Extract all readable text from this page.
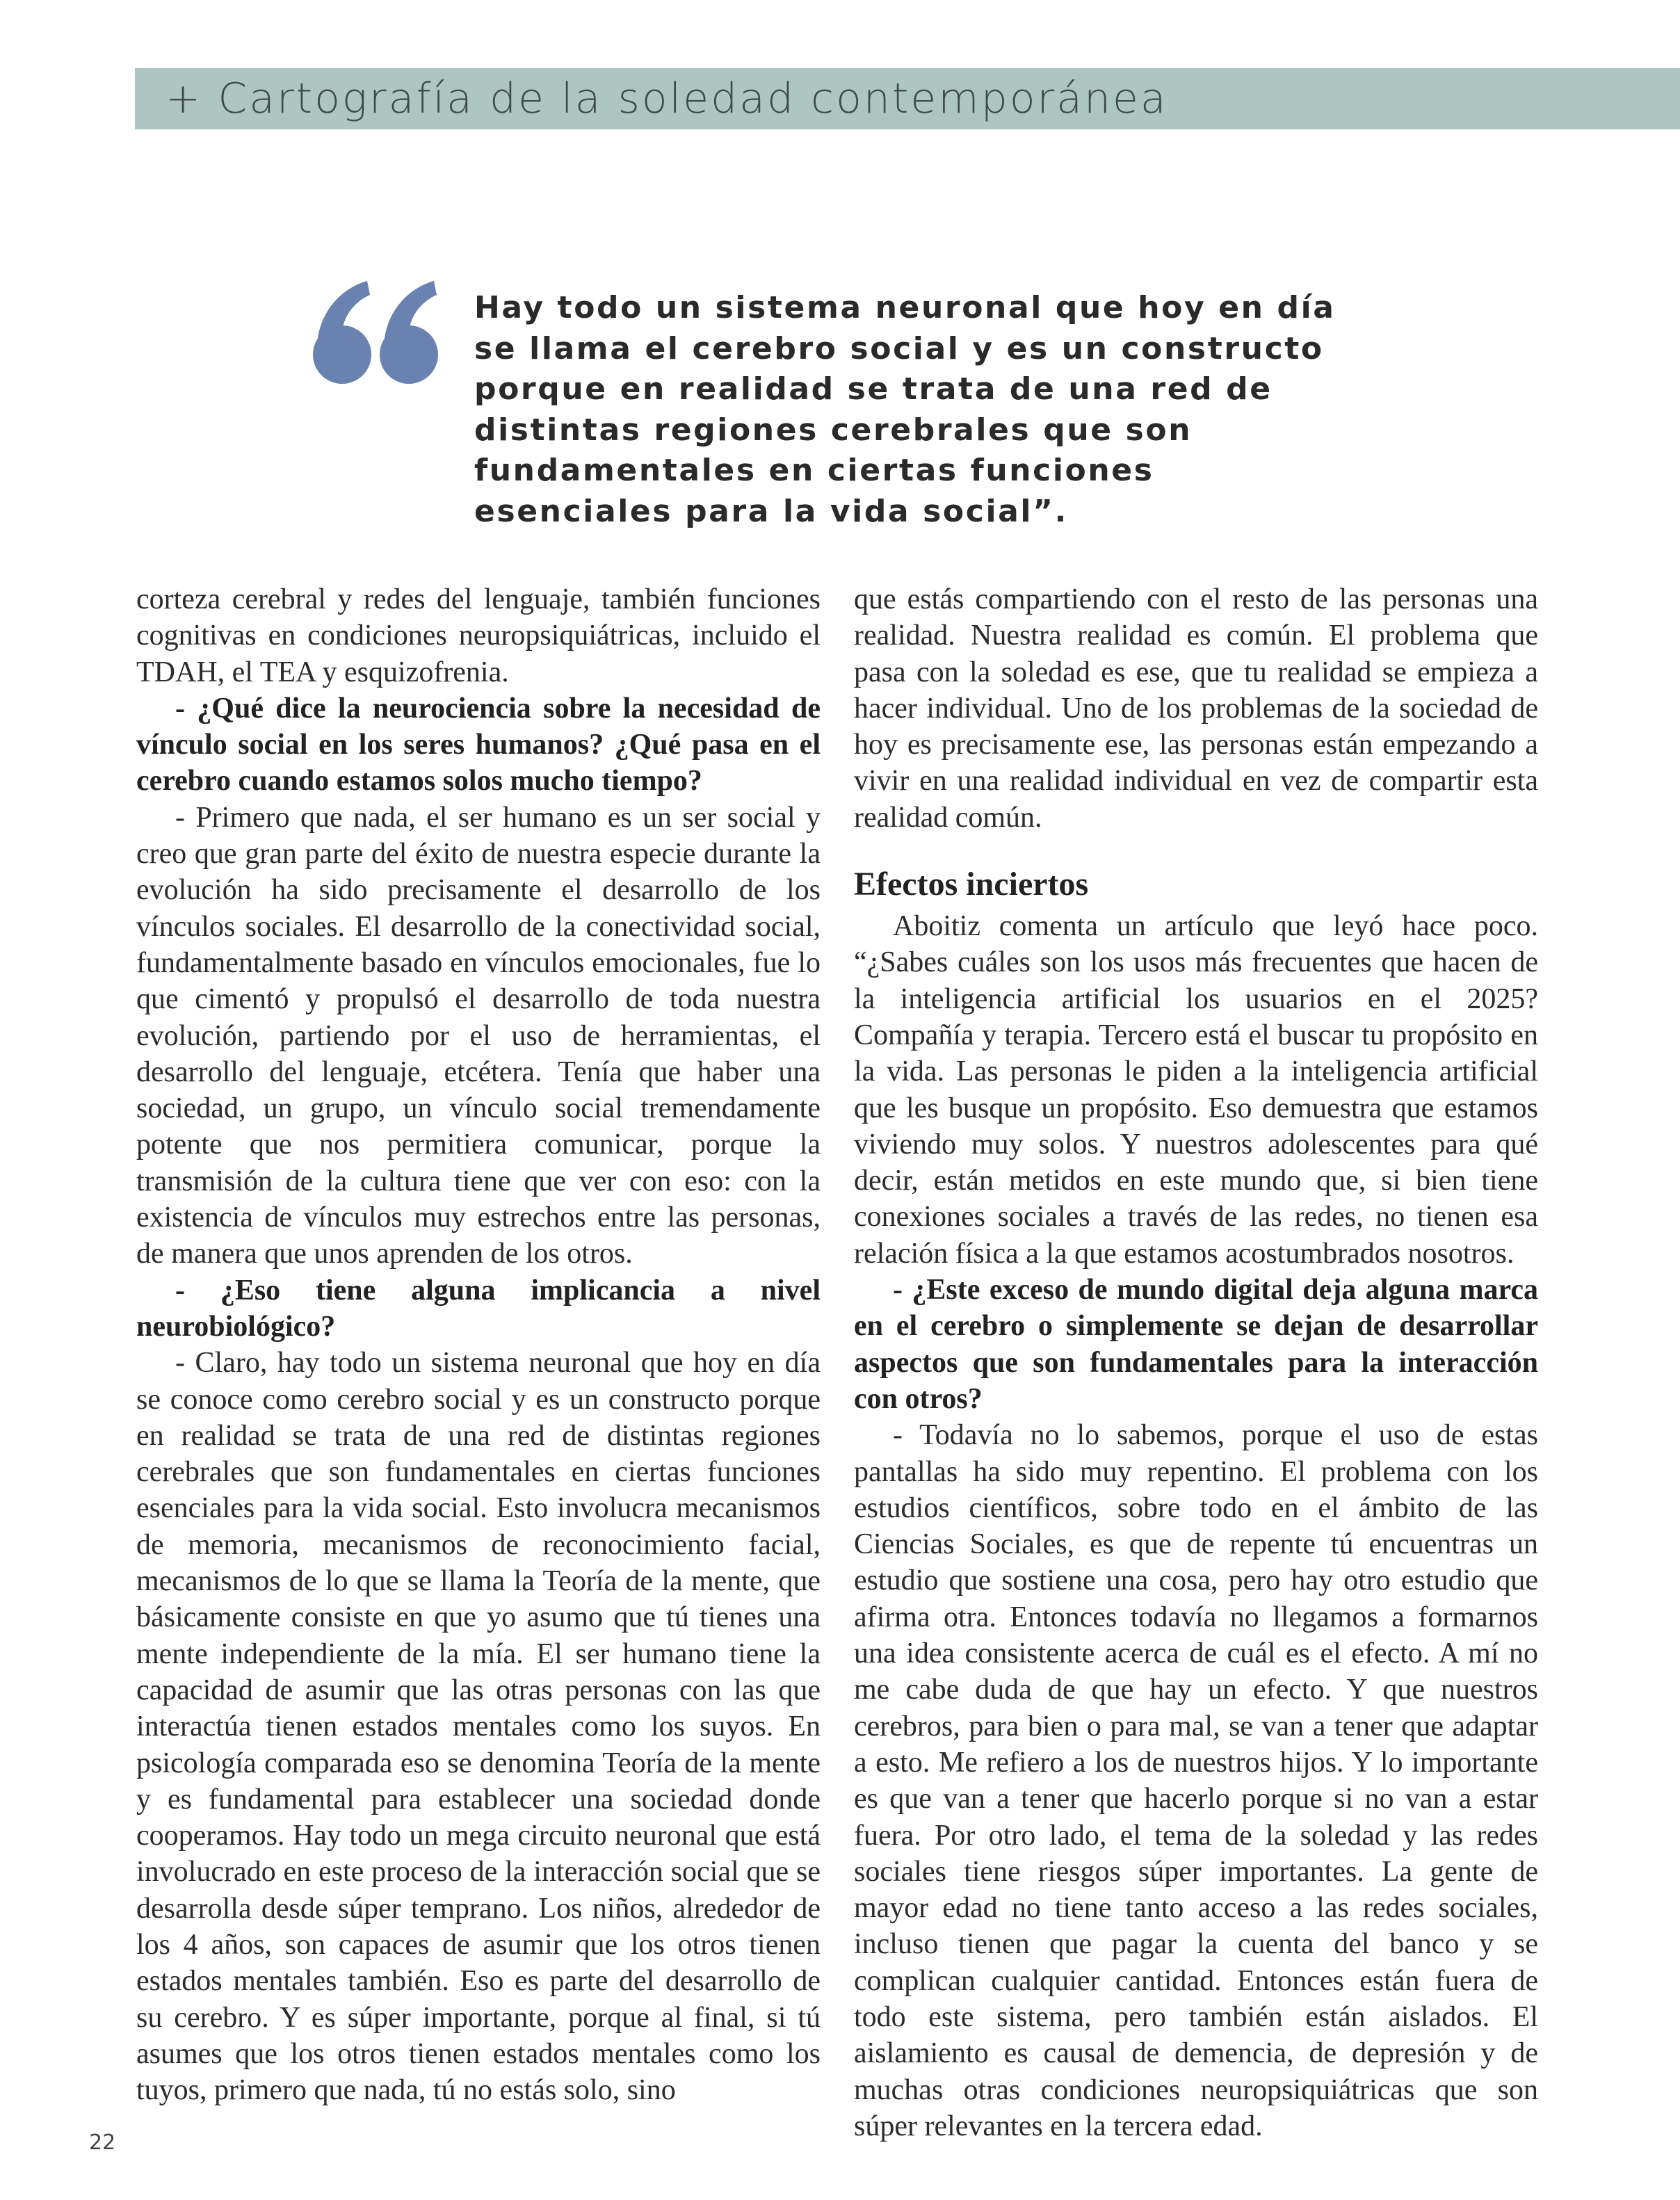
+ Cartografía de la soledad contemporánea
Hay todo un sistema neuronal que hoy en día se llama el cerebro social y es un constructo porque en realidad se trata de una red de distintas regiones cerebrales que son fundamentales en ciertas funciones esenciales para la vida social”.

corteza cerebral y redes del lenguaje, también funciones cognitivas en condiciones neuropsiquiátricas, incluido el TDAH, el TEA y esquizofrenia.

- ¿Qué dice la neurociencia sobre la necesidad de vínculo social en los seres humanos? ¿Qué pasa en el cerebro cuando estamos solos mucho tiempo?

- Primero que nada, el ser humano es un ser social y creo que gran parte del éxito de nuestra especie durante la evolución ha sido precisamente el desarrollo de los vínculos sociales. El desarrollo de la conectividad social, fundamentalmente basado en vínculos emocionales, fue lo que cimentó y propulsó el desarrollo de toda nuestra evolución, partiendo por el uso de herramientas, el desarrollo del lenguaje, etcétera. Tenía que haber una sociedad, un grupo, un vínculo social tremendamente potente que nos permitiera comunicar, porque la transmisión de la cultura tiene que ver con eso: con la existencia de vínculos muy estrechos entre las personas, de manera que unos aprenden de los otros.

- ¿Eso tiene alguna implicancia a nivel neurobiológico?

- Claro, hay todo un sistema neuronal que hoy en día se conoce como cerebro social y es un constructo porque en realidad se trata de una red de distintas regiones cerebrales que son fundamentales en ciertas funciones esenciales para la vida social. Esto involucra mecanismos de memoria, mecanismos de reconocimiento facial, mecanismos de lo que se llama la Teoría de la mente, que básicamente consiste en que yo asumo que tú tienes una mente independiente de la mía. El ser humano tiene la capacidad de asumir que las otras personas con las que interactúa tienen estados mentales como los suyos. En psicología comparada eso se denomina Teoría de la mente y es fundamental para establecer una sociedad donde cooperamos. Hay todo un mega circuito neuronal que está involucrado en este proceso de la interacción social que se desarrolla desde súper temprano. Los niños, alrededor de los 4 años, son capaces de asumir que los otros tienen estados mentales también. Eso es parte del desarrollo de su cerebro. Y es súper importante, porque al final, si tú asumes que los otros tienen estados mentales como los tuyos, primero que nada, tú no estás solo, sino

que estás compartiendo con el resto de las personas una realidad. Nuestra realidad es común. El problema que pasa con la soledad es ese, que tu realidad se empieza a hacer individual. Uno de los problemas de la sociedad de hoy es precisamente ese, las personas están empezando a vivir en una realidad individual en vez de compartir esta realidad común.

Efectos inciertos

Aboitiz comenta un artículo que leyó hace poco. “¿Sabes cuáles son los usos más frecuentes que hacen de la inteligencia artificial los usuarios en el 2025? Compañía y terapia. Tercero está el buscar tu propósito en la vida. Las personas le piden a la inteligencia artificial que les busque un propósito. Eso demuestra que estamos viviendo muy solos. Y nuestros adolescentes para qué decir, están metidos en este mundo que, si bien tiene conexiones sociales a través de las redes, no tienen esa relación física a la que estamos acostumbrados nosotros.

- ¿Este exceso de mundo digital deja alguna marca en el cerebro o simplemente se dejan de desarrollar aspectos que son fundamentales para la interacción con otros?

- Todavía no lo sabemos, porque el uso de estas pantallas ha sido muy repentino. El problema con los estudios científicos, sobre todo en el ámbito de las Ciencias Sociales, es que de repente tú encuentras un estudio que sostiene una cosa, pero hay otro estudio que afirma otra. Entonces todavía no llegamos a formarnos una idea consistente acerca de cuál es el efecto. A mí no me cabe duda de que hay un efecto. Y que nuestros cerebros, para bien o para mal, se van a tener que adaptar a esto. Me refiero a los de nuestros hijos. Y lo importante es que van a tener que hacerlo porque si no van a estar fuera. Por otro lado, el tema de la soledad y las redes sociales tiene riesgos súper importantes. La gente de mayor edad no tiene tanto acceso a las redes sociales, incluso tienen que pagar la cuenta del banco y se complican cualquier cantidad. Entonces están fuera de todo este sistema, pero también están aislados. El aislamiento es causal de demencia, de depresión y de muchas otras condiciones neuropsiquiátricas que son súper relevantes en la tercera edad.

22
